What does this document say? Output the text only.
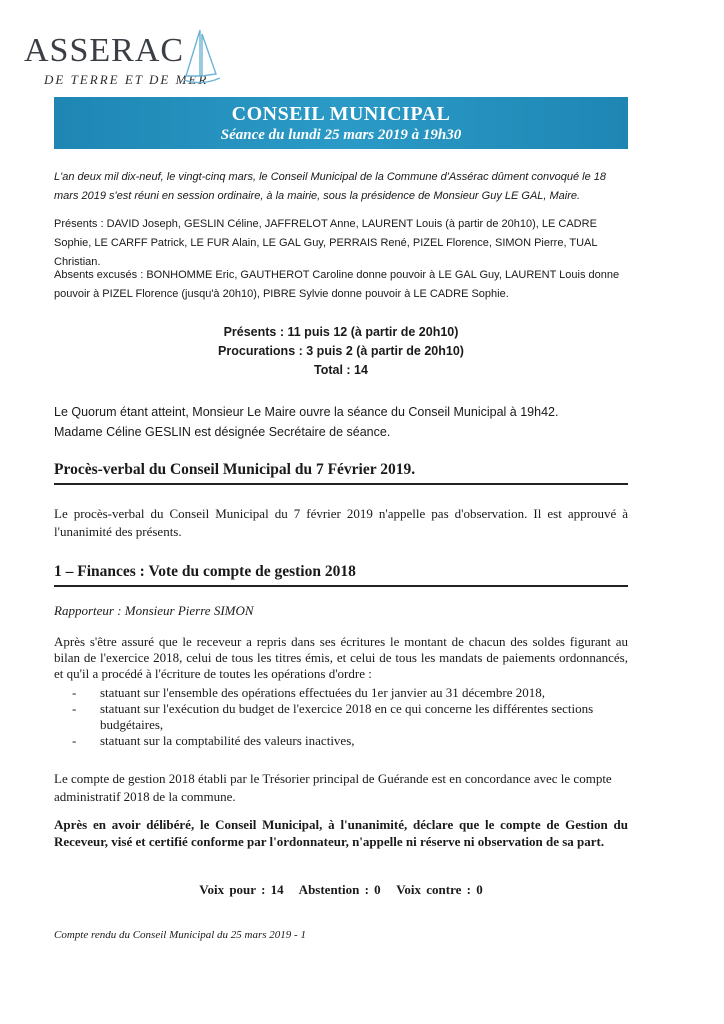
ASSERAC
DE TERRE ET DE MER
CONSEIL MUNICIPAL
Séance du lundi 25 mars 2019 à 19h30
L'an deux mil dix-neuf, le vingt-cinq mars, le Conseil Municipal de la Commune d'Assérac dûment convoqué le 18 mars 2019 s'est réuni en session ordinaire, à la mairie, sous la présidence de Monsieur Guy LE GAL, Maire.
Présents : DAVID Joseph, GESLIN Céline, JAFFRELOT Anne, LAURENT Louis (à partir de 20h10), LE CADRE Sophie, LE CARFF Patrick, LE FUR Alain, LE GAL Guy, PERRAIS René, PIZEL Florence, SIMON Pierre, TUAL Christian.
Absents excusés : BONHOMME Eric, GAUTHEROT Caroline donne pouvoir à LE GAL Guy, LAURENT Louis donne pouvoir à PIZEL Florence (jusqu'à 20h10), PIBRE Sylvie donne pouvoir à LE CADRE Sophie.
Présents : 11 puis 12 (à partir de 20h10)
Procurations : 3 puis 2 (à partir de 20h10)
Total : 14
Le Quorum étant atteint, Monsieur Le Maire ouvre la séance du Conseil Municipal à 19h42.
Madame Céline GESLIN est désignée Secrétaire de séance.
Procès-verbal du Conseil Municipal du 7 Février 2019.
Le procès-verbal du Conseil Municipal du 7 février 2019 n'appelle pas d'observation. Il est approuvé à l'unanimité des présents.
1 – Finances : Vote du compte de gestion 2018
Rapporteur : Monsieur Pierre SIMON
Après s'être assuré que le receveur a repris dans ses écritures le montant de chacun des soldes figurant au bilan de l'exercice 2018, celui de tous les titres émis, et celui de tous les mandats de paiements ordonnancés, et qu'il a procédé à l'écriture de toutes les opérations d'ordre :
- statuant sur l'ensemble des opérations effectuées du 1er janvier au 31 décembre 2018,
- statuant sur l'exécution du budget de l'exercice 2018 en ce qui concerne les différentes sections budgétaires,
- statuant sur la comptabilité des valeurs inactives,
Le compte de gestion 2018 établi par le Trésorier principal de Guérande est en concordance avec le compte administratif 2018 de la commune.
Après en avoir délibéré, le Conseil Municipal, à l'unanimité, déclare que le compte de Gestion du Receveur, visé et certifié conforme par l'ordonnateur, n'appelle ni réserve ni observation de sa part.
Voix pour : 14   Abstention : 0   Voix contre : 0
Compte rendu du Conseil Municipal du 25 mars 2019 - 1
